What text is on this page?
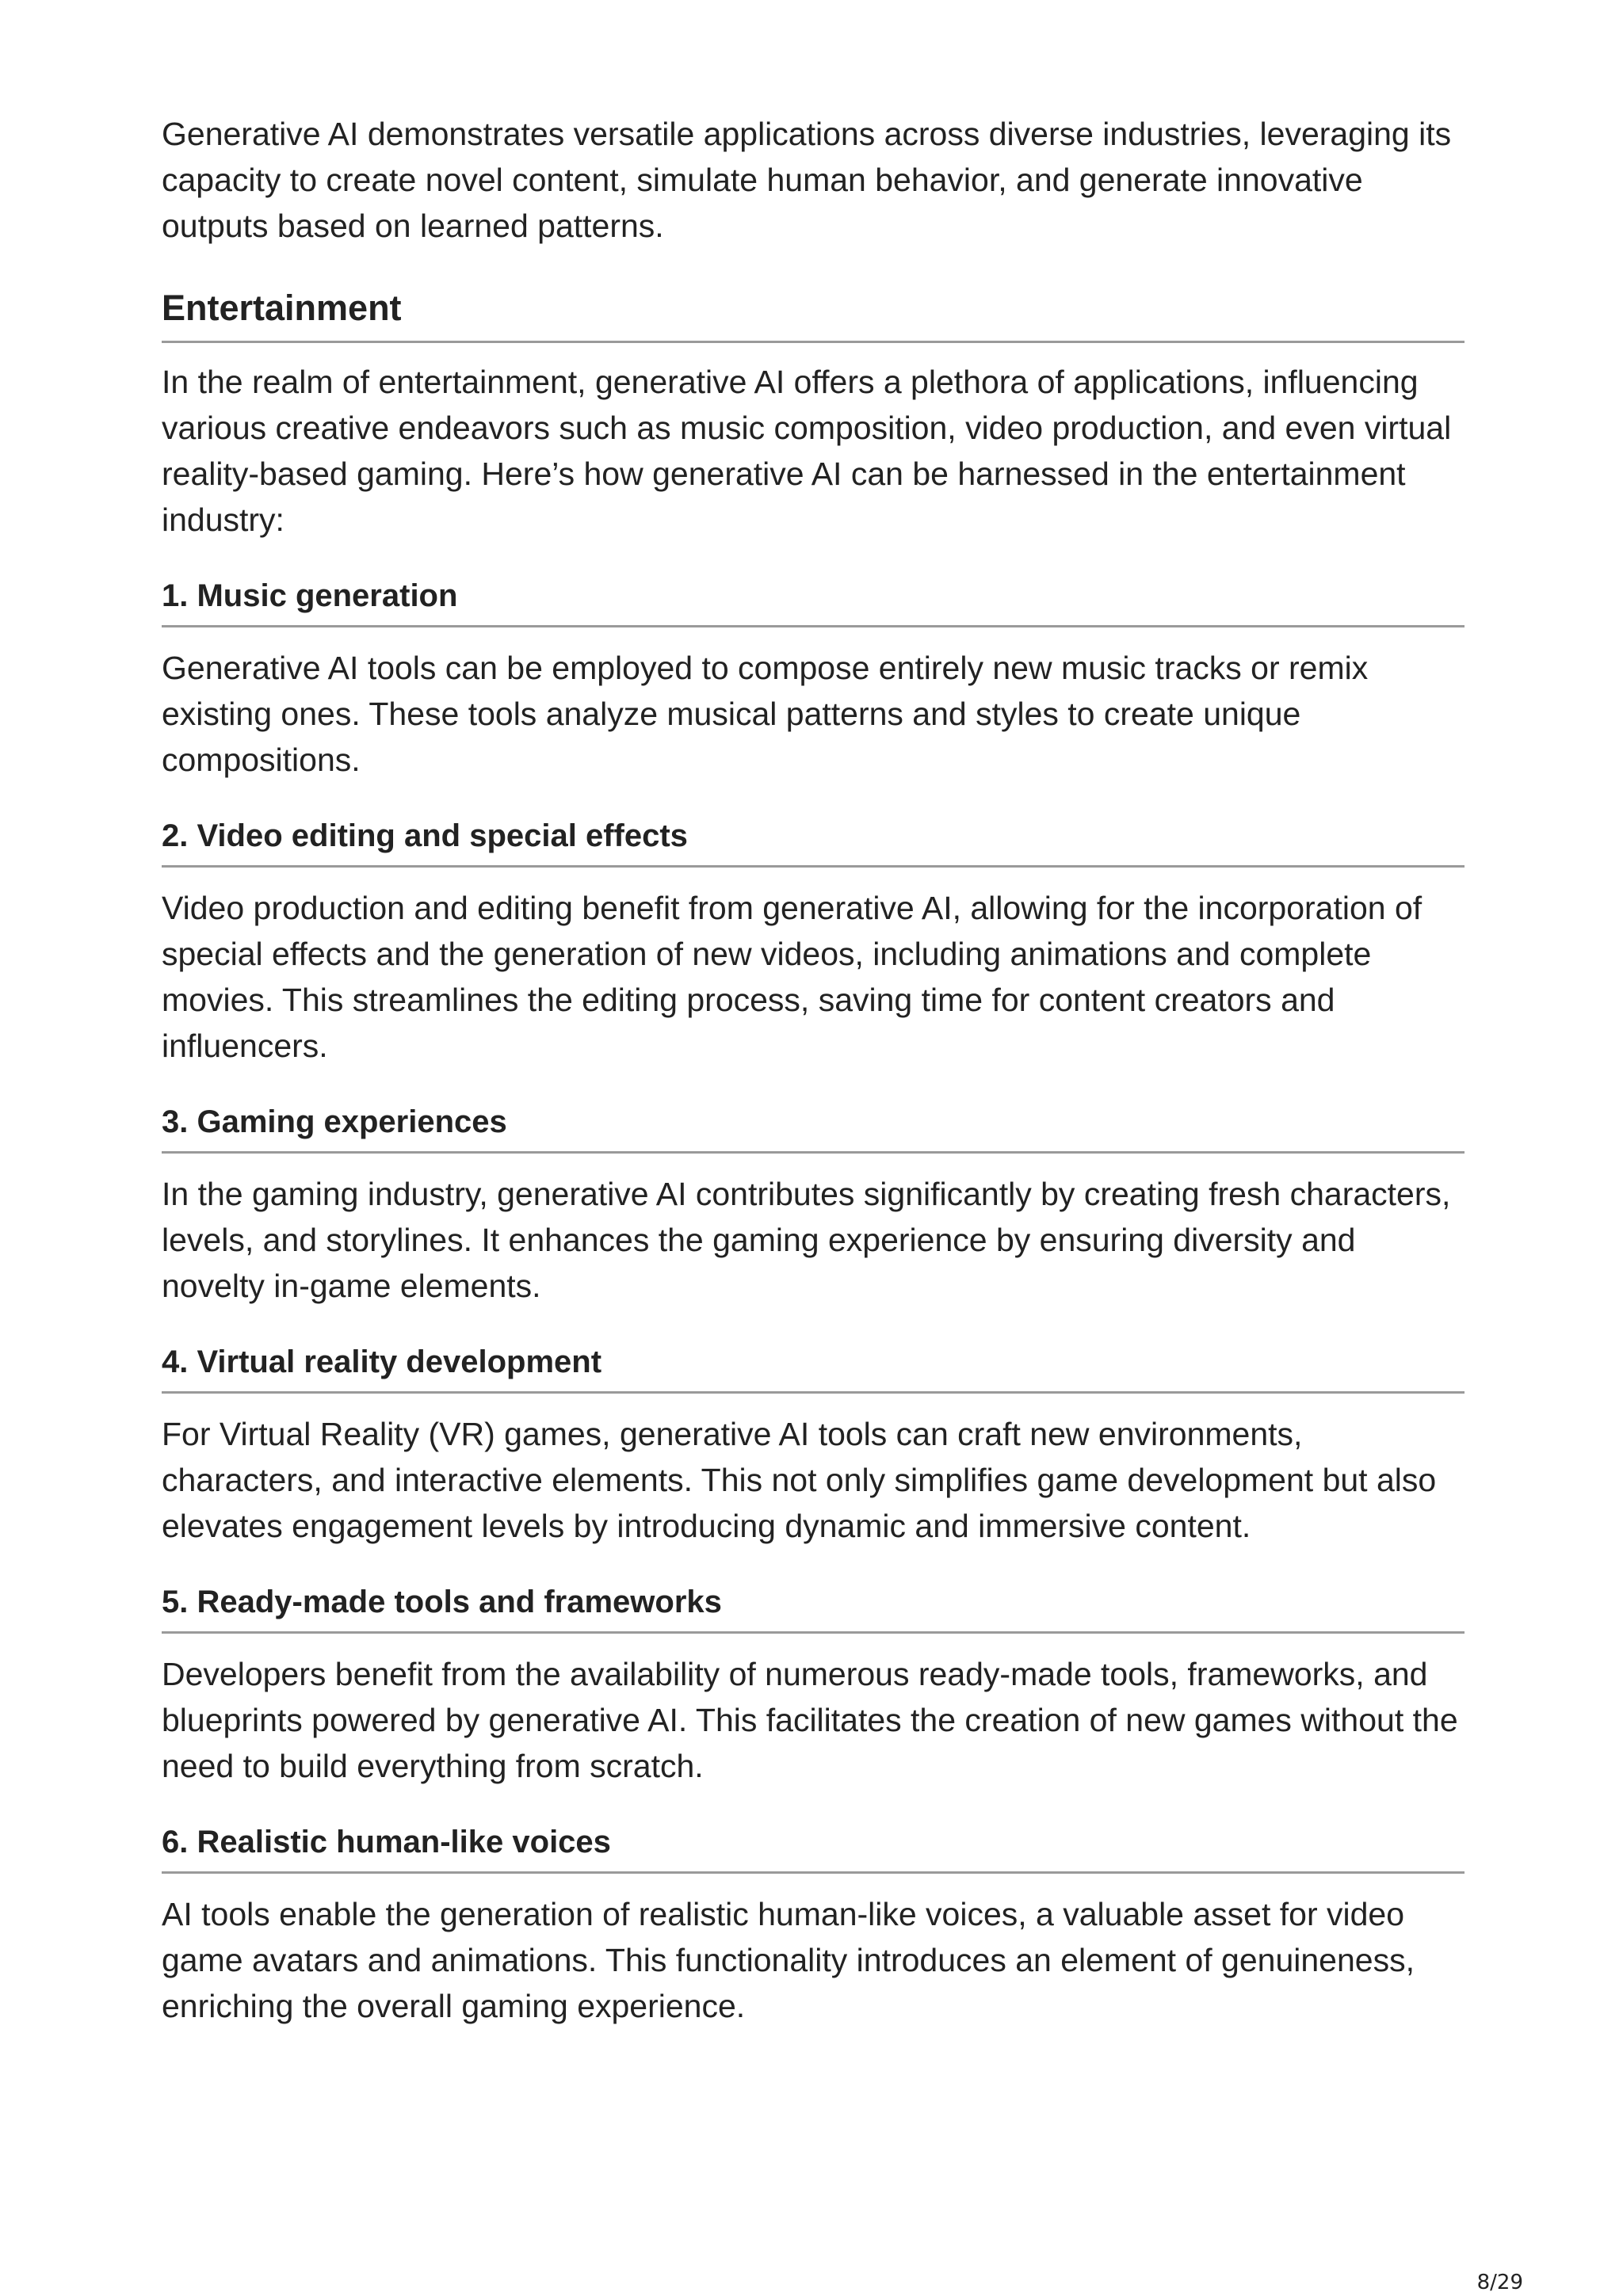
Generative AI demonstrates versatile applications across diverse industries, leveraging its capacity to create novel content, simulate human behavior, and generate innovative outputs based on learned patterns.

Entertainment

In the realm of entertainment, generative AI offers a plethora of applications, influencing various creative endeavors such as music composition, video production, and even virtual reality-based gaming. Here’s how generative AI can be harnessed in the entertainment industry:

1. Music generation

Generative AI tools can be employed to compose entirely new music tracks or remix existing ones. These tools analyze musical patterns and styles to create unique compositions.

2. Video editing and special effects

Video production and editing benefit from generative AI, allowing for the incorporation of special effects and the generation of new videos, including animations and complete movies. This streamlines the editing process, saving time for content creators and influencers.

3. Gaming experiences

In the gaming industry, generative AI contributes significantly by creating fresh characters, levels, and storylines. It enhances the gaming experience by ensuring diversity and novelty in-game elements.

4. Virtual reality development

For Virtual Reality (VR) games, generative AI tools can craft new environments, characters, and interactive elements. This not only simplifies game development but also elevates engagement levels by introducing dynamic and immersive content.

5. Ready-made tools and frameworks

Developers benefit from the availability of numerous ready-made tools, frameworks, and blueprints powered by generative AI. This facilitates the creation of new games without the need to build everything from scratch.

6. Realistic human-like voices

AI tools enable the generation of realistic human-like voices, a valuable asset for video game avatars and animations. This functionality introduces an element of genuineness, enriching the overall gaming experience.

8/29
